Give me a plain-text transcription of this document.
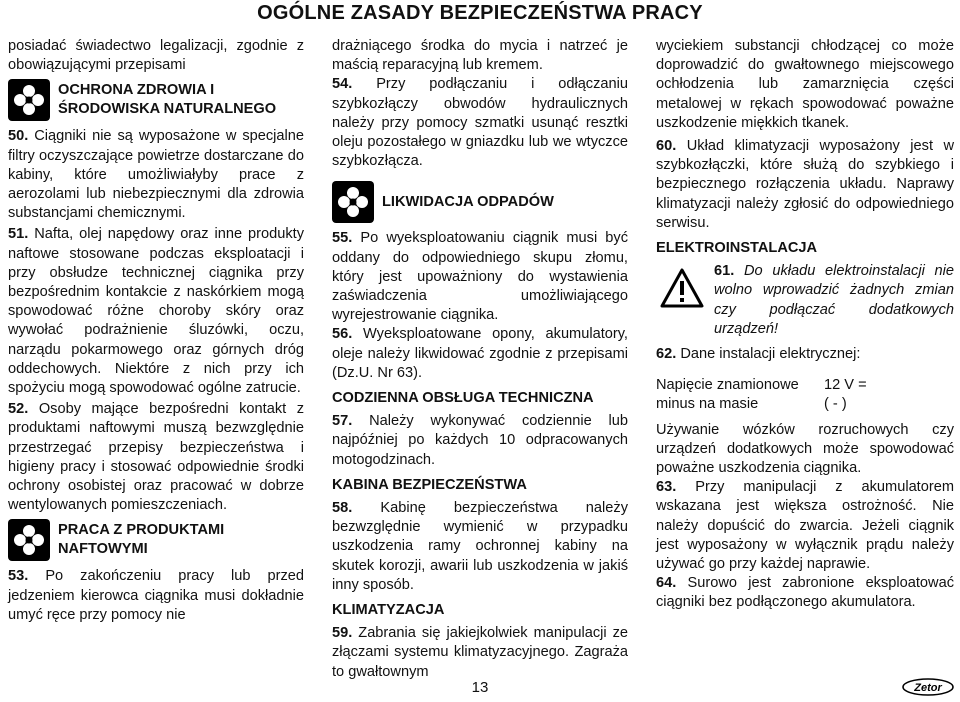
OGÓLNE ZASADY BEZPIECZEŃSTWA PRACY

posiadać świadectwo legalizacji, zgodnie z obowiązującymi przepisami

OCHRONA ZDROWIA I ŚRODOWISKA NATURALNEGO

50. Ciągniki nie są wyposażone w specjalne filtry oczyszczające powietrze dostarczane do kabiny, które umożliwiałyby prace z aerozolami lub niebezpiecznymi dla zdrowia substancjami chemicznymi.

51. Nafta, olej napędowy oraz inne produkty naftowe stosowane podczas eksploatacji i przy obsłudze technicznej ciągnika przy bezpośrednim kontakcie z naskórkiem mogą spowodować różne choroby skóry oraz wywołać podrażnienie śluzówki, oczu, narządu pokarmowego oraz górnych dróg oddechowych. Niektóre z nich przy ich spożyciu mogą spowodować ogólne zatrucie.

52. Osoby mające bezpośredni kontakt z produktami naftowymi muszą bezwzględnie przestrzegać przepisy bezpieczeństwa i higieny pracy i stosować odpowiednie środki ochrony osobistej oraz pracować w dobrze wentylowanych pomieszczeniach.

PRACA Z PRODUKTAMI NAFTOWYMI

53. Po zakończeniu pracy lub przed jedzeniem kierowca ciągnika musi dokładnie umyć ręce przy pomocy nie

drażniącego środka do mycia i natrzeć je maścią reparacyjną lub kremem.

54. Przy podłączaniu i odłączaniu szybkozłączy obwodów hydraulicznych należy przy pomocy szmatki usunąć resztki oleju pozostałego w gniazdku lub we wtyczce szybkozłącza.

LIKWIDACJA ODPADÓW

55. Po wyeksploatowaniu ciągnik musi być oddany do odpowiedniego skupu złomu, który jest upoważniony do wystawienia zaświadczenia umożliwiającego wyrejestrowanie ciągnika.

56. Wyeksploatowane opony, akumulatory, oleje należy likwidować zgodnie z przepisami (Dz.U. Nr 63).

CODZIENNA OBSŁUGA TECHNICZNA

57. Należy wykonywać codziennie lub najpóźniej po każdych 10 odpracowanych motogodzinach.

KABINA BEZPIECZEŃSTWA

58. Kabinę bezpieczeństwa należy bezwzględnie wymienić w przypadku uszkodzenia ramy ochronnej kabiny na skutek korozji, awarii lub uszkodzenia w jakiś inny sposób.

KLIMATYZACJA

59. Zabrania się jakiejkolwiek manipulacji ze złączami systemu klimatyzacyjnego. Zagraża to gwałtownym

wyciekiem substancji chłodzącej co może doprowadzić do gwałtownego miejscowego ochłodzenia lub zamarznięcia części metalowej w rękach spowodować poważne uszkodzenie miękkich tkanek.

60. Układ klimatyzacji wyposażony jest w szybkozłączki, które służą do szybkiego i bezpiecznego rozłączenia układu. Naprawy klimatyzacji należy zgłosić do odpowiedniego serwisu.

ELEKTROINSTALACJA

61. Do układu elektroinstalacji nie wolno wprowadzić żadnych zmian czy podłączać dodatkowych urządzeń!

62. Dane instalacji elektrycznej:

Napięcie znamionowe 12 V =
minus na masie	( - )

Używanie wózków rozruchowych czy urządzeń dodatkowych może spowodować poważne uszkodzenia ciągnika.

63. Przy manipulacji z akumulatorem wskazana jest większa ostrożność. Nie należy dopuścić do zwarcia. Jeżeli ciągnik jest wyposażony w wyłącznik prądu należy używać go przy każdej naprawie.

64. Surowo jest zabronione eksploatować ciągniki bez podłączonego akumulatora.

13	Zetor
